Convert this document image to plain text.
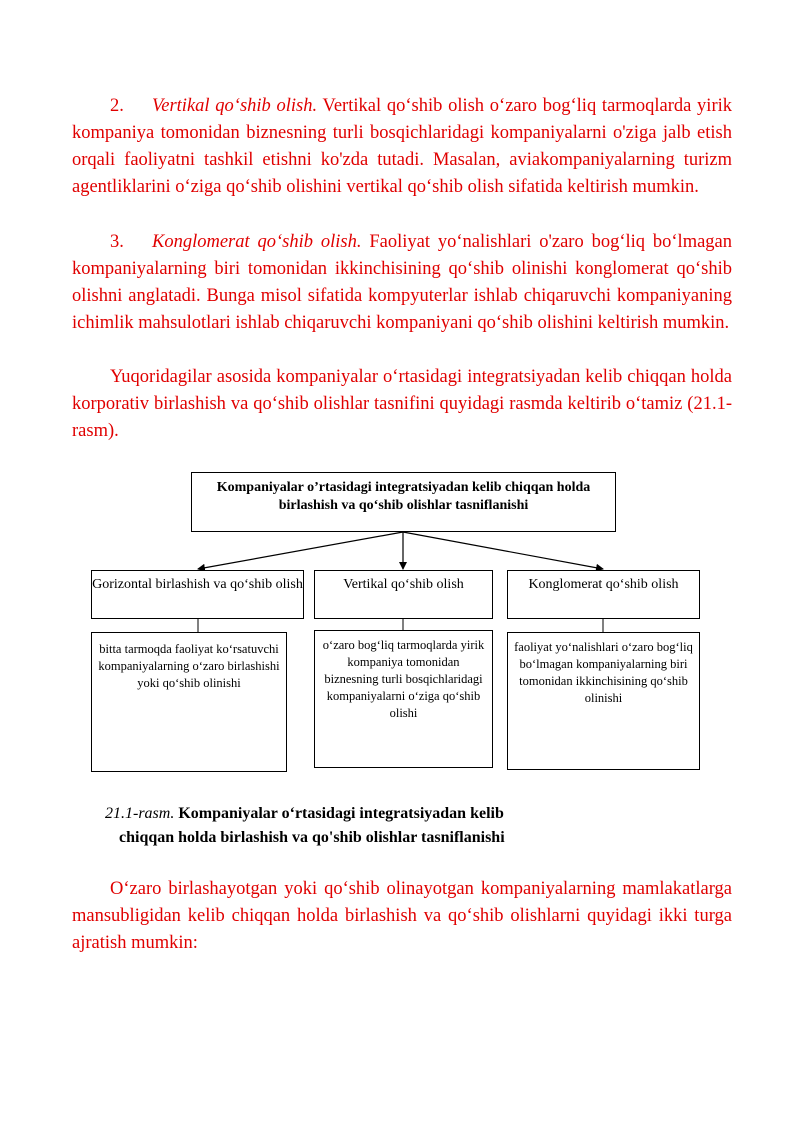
2. Vertikal qo‘shib olish. Vertikal qo‘shib olish o‘zaro bog‘liq tarmoqlarda yirik kompaniya tomonidan biznesning turli bosqichlaridagi kompaniyalarni o'ziga jalb etish orqali faoliyatni tashkil etishni ko'zda tutadi. Masalan, aviakompaniyalarning turizm agentliklarini o‘ziga qo‘shib olishini vertikal qo‘shib olish sifatida keltirish mumkin.

3. Konglomerat qo‘shib olish. Faoliyat yo‘nalishlari o'zaro bog‘liq bo‘lmagan kompaniyalarning biri tomonidan ikkinchisining qo‘shib olinishi konglomerat qo‘shib olishni anglatadi. Bunga misol sifatida kompyuterlar ishlab chiqaruvchi kompaniyaning ichimlik mahsulotlari ishlab chiqaruvchi kompaniyani qo‘shib olishini keltirish mumkin.

Yuqoridagilar asosida kompaniyalar o‘rtasidagi integratsiyadan kelib chiqqan holda korporativ birlashish va qo‘shib olishlar tasnifini quyidagi rasmda keltirib o‘tamiz (21.1-rasm).

Kompaniyalar o’rtasidagi integratsiyadan kelib chiqqan holda birlashish va qo‘shib olishlar tasniflanishi
Gorizontal birlashish va qo‘shib olish	Vertikal qo‘shib olish	Konglomerat qo‘shib olish
bitta tarmoqda faoliyat ko‘rsatuvchi kompaniyalarning o‘zaro birlashishi yoki qo‘shib olinishi
o‘zaro bog‘liq tarmoqlarda yirik kompaniya tomonidan biznesning turli bosqichlaridagi kompaniyalarni o‘ziga qo‘shib olishi
faoliyat yo‘nalishlari o‘zaro bog‘liq bo‘lmagan kompaniyalarning biri tomonidan ikkinchisining qo‘shib olinishi
21.1-rasm. Kompaniyalar o‘rtasidagi integratsiyadan kelib
chiqqan holda birlashish va qo'shib olishlar tasniflanishi

O‘zaro birlashayotgan yoki qo‘shib olinayotgan kompaniyalarning mamlakatlarga mansubligidan kelib chiqqan holda birlashish va qo‘shib olishlarni quyidagi ikki turga ajratish mumkin:
